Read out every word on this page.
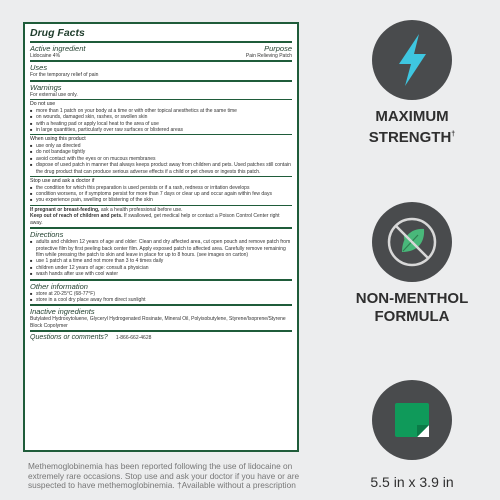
Drug Facts
Active ingredient	Purpose
Lidocaine 4%	Pain Relieving Patch
Uses
For the temporary relief of pain
Warnings
For external use only.
Do not use
■ more than 1 patch on your body at a time or with other topical anesthetics at the same time
■ on wounds, damaged skin, rashes, or swollen skin
■ with a heating pad or apply local heat to the area of use
■ in large quantities, particularly over raw surfaces or blistered areas
When using this product
■ use only as directed
■ do not bandage tightly
■ avoid contact with the eyes or on mucous membranes
■ dispose of used patch in manner that always keeps product away from children and pets. Used patches still contain the drug product that can produce serious adverse effects if a child or pet chews or ingests this patch.
Stop use and ask a doctor if
■ the condition for which this preparation is used persists or if a rash, redness or irritation develops
■ condition worsens, or if symptoms persist for more than 7 days or clear up and occur again within few days
■ you experience pain, swelling or blistering of the skin
If pregnant or breast-feeding, ask a health professional before use.
Keep out of reach of children and pets. If swallowed, get medical help or contact a Poison Control Center right away.
Directions
■ adults and children 12 years of age and older: Clean and dry affected area, cut open pouch and remove patch from protective film by first peeling back center film. Apply exposed patch to affected area. Carefully remove remaining film while pressing the patch to skin and leave in place for up to 8 hours. (see images on carton)
■ use 1 patch at a time and not more than 3 to 4 times daily
■ children under 12 years of age: consult a physician
■ wash hands after use with cool water
Other information
■ store at 20-25°C (68-77°F)
■ store in a cool dry place away from direct sunlight
Inactive ingredients
Butylated Hydroxytoluene, Glyceryl Hydrogenated Rosinate, Mineral Oil, Polyisobutylene, Styrene/Isoprene/Styrene Block Copolymer
Questions or comments? 1-866-662-4628
Methemoglobinemia has been reported following the use of lidocaine on extremely rare occasions. Stop use and ask your doctor if you have or are suspected to have methemoglobinemia. †Available without a prescription
MAXIMUM
STRENGTH†
NON-MENTHOL
FORMULA
5.5 in x 3.9 in
